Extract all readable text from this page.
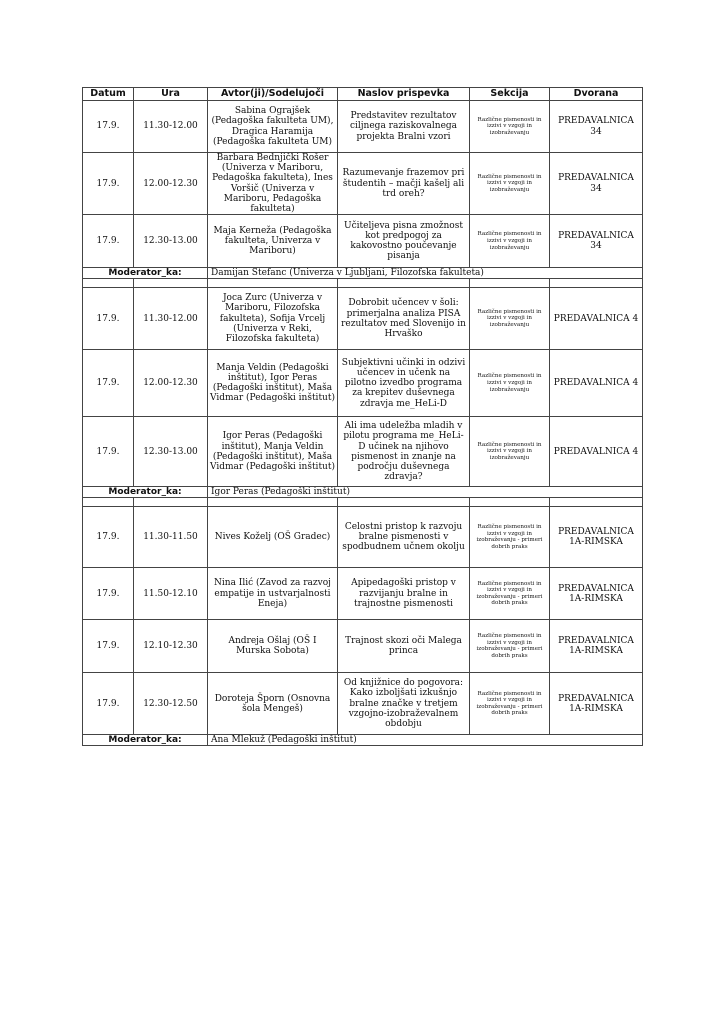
Datum	Ura	Avtor(ji)/Sodelujoči	Naslov prispevka	Sekcija	Dvorana
17.9.	11.30-12.00	Sabina Ograjšek (Pedagoška fakulteta UM), Dragica Haramija (Pedagoška fakulteta UM)	Predstavitev rezultatov ciljnega raziskovalnega projekta Bralni vzori	Različne pismenosti in izzivi v vzgoji in izobraževanju	PREDAVALNICA 34
17.9.	12.00-12.30	Barbara Bednjički Rošer (Univerza v Mariboru, Pedagoška fakulteta), Ines Voršič (Univerza v Mariboru, Pedagoška fakulteta)	Razumevanje frazemov pri študentih – mačji kašelj ali trd oreh?	Različne pismenosti in izzivi v vzgoji in izobraževanju	PREDAVALNICA 34
17.9.	12.30-13.00	Maja Kerneža (Pedagoška fakulteta, Univerza v Mariboru)	Učiteljeva pisna zmožnost kot predpogoj za kakovostno poučevanje pisanja	Različne pismenosti in izzivi v vzgoji in izobraževanju	PREDAVALNICA 34
Moderator_ka:		Damijan Štefanc (Univerza v Ljubljani, Filozofska fakulteta)			

17.9.	11.30-12.00	Joca Zurc (Univerza v Mariboru, Filozofska fakulteta), Sofija Vrcelj (Univerza v Reki, Filozofska fakulteta)	Dobrobit učencev v šoli: primerjalna analiza PISA rezultatov med Slovenijo in Hrvaško	Različne pismenosti in izzivi v vzgoji in izobraževanju	PREDAVALNICA 4
17.9.	12.00-12.30	Manja Veldin (Pedagoški inštitut), Igor Peras (Pedagoški inštitut), Maša Vidmar (Pedagoški inštitut)	Subjektivni učinki in odzivi učencev in učenk na pilotno izvedbo programa za krepitev duševnega zdravja me_HeLi-D	Različne pismenosti in izzivi v vzgoji in izobraževanju	PREDAVALNICA 4
17.9.	12.30-13.00	Igor Peras (Pedagoški inštitut), Manja Veldin (Pedagoški inštitut), Maša Vidmar (Pedagoški inštitut)	Ali ima udeležba mladih v pilotu programa me_HeLi-D učinek na njihovo pismenost in znanje na področju duševnega zdravja?	Različne pismenosti in izzivi v vzgoji in izobraževanju	PREDAVALNICA 4
Moderator_ka:		Igor Peras (Pedagoški inštitut)			

17.9.	11.30-11.50	Nives Koželj (OŠ Gradec)	Celostni pristop k razvoju bralne pismenosti v spodbudnem učnem okolju	Različne pismenosti in izzivi v vzgoji in izobraževanju - primeri dobrih praks	PREDAVALNICA 1A-RIMSKA
17.9.	11.50-12.10	Nina Ilić (Zavod za razvoj empatije in ustvarjalnosti Eneja)	Apipedagoški pristop v razvijanju bralne in trajnostne pismenosti	Različne pismenosti in izzivi v vzgoji in izobraževanju - primeri dobrih praks	PREDAVALNICA 1A-RIMSKA
17.9.	12.10-12.30	Andreja Ošlaj (OŠ I Murska Sobota)	Trajnost skozi oči Malega princa	Različne pismenosti in izzivi v vzgoji in izobraževanju - primeri dobrih praks	PREDAVALNICA 1A-RIMSKA
17.9.	12.30-12.50	Doroteja Šporn (Osnovna šola Mengeš)	Od knjižnice do pogovora: Kako izboljšati izkušnjo bralne značke v tretjem vzgojno-izobraževalnem obdobju	Različne pismenosti in izzivi v vzgoji in izobraževanju - primeri dobrih praks	PREDAVALNICA 1A-RIMSKA
Moderator_ka:		Ana Mlekuž (Pedagoški inštitut)			
